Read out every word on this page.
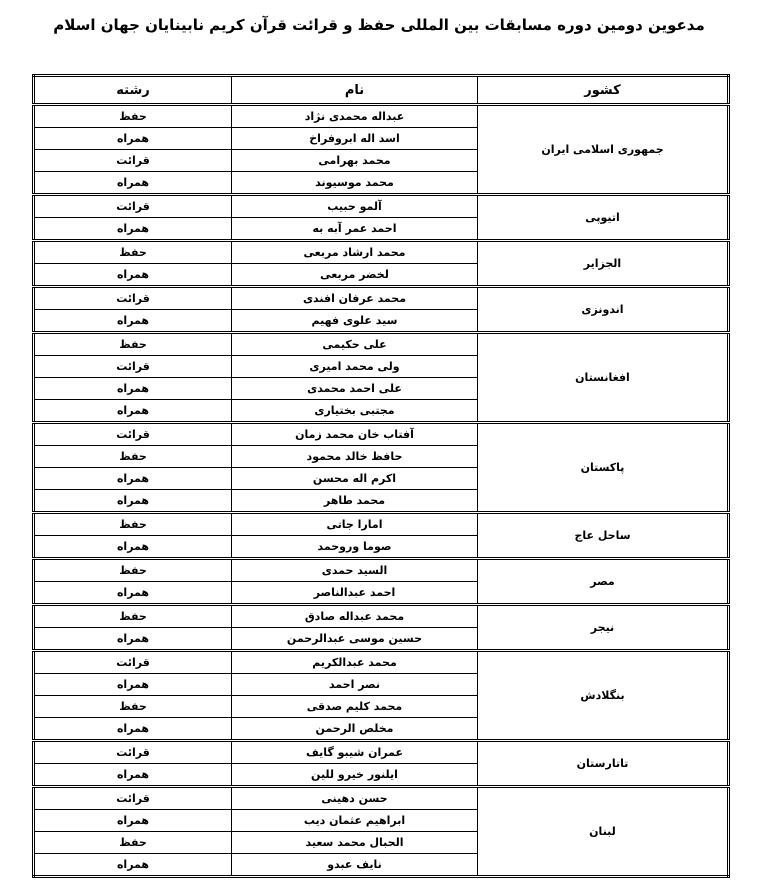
مدعوین دومین دوره مسابقات بین المللی حفظ و قرائت قرآن کریم نابینایان جهان اسلام
کشور	نام	رشته
جمهوری اسلامی ایران	عبداله محمدی نژاد	حفظ
	اسد اله ابروفراخ	همراه
	محمد بهرامی	قرائت
	محمد موسیوند	همراه
اتیوپی	آلمو حبیب	قرائت
	احمد عمر آبه به	همراه
الجزایر	محمد ارشاد مربعی	حفظ
	لخضر مربعی	همراه
اندونزی	محمد عرفان افندی	قرائت
	سید علوی فهیم	همراه
افغانستان	علی حکیمی	حفظ
	ولی محمد امیری	قرائت
	علی احمد محمدی	همراه
	مجتبی بختیاری	همراه
پاکستان	آفتاب خان محمد زمان	قرائت
	حافظ خالد محمود	حفظ
	اکرم اله محسن	همراه
	محمد طاهر	همراه
ساحل عاج	امارا جاتی	حفظ
	صوما وروحمد	همراه
مصر	السید حمدی	حفظ
	احمد عبدالناصر	همراه
نیجر	محمد عبداله صادق	حفظ
	حسین موسی عبدالرحمن	همراه
بنگلادش	محمد عبدالکریم	قرائت
	نصر احمد	همراه
	محمد کلیم صدقی	حفظ
	مخلص الرحمن	همراه
تاتارستان	عمران شیبو گایف	قرائت
	ایلنور خیرو للین	همراه
لبنان	حسن دهینی	قرائت
	ابراهیم عثمان دیب	همراه
	الحبال محمد سعید	حفظ
	نایف عبدو	همراه
